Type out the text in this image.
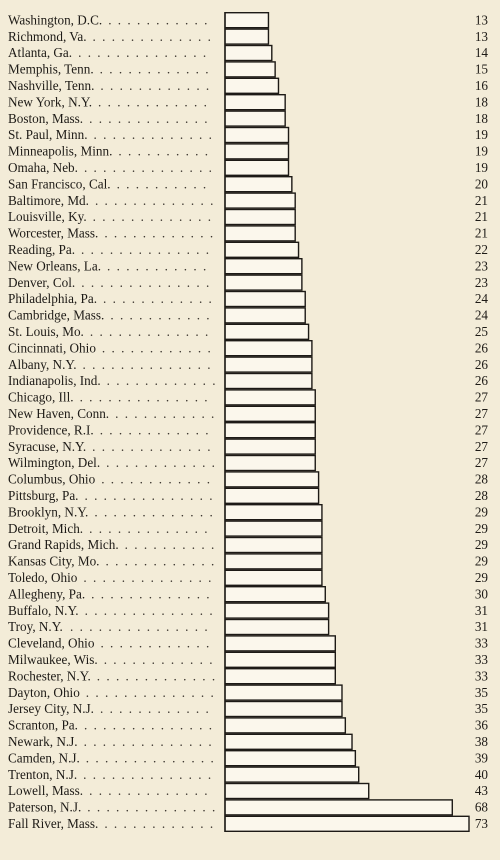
Washington, D.C. . . . . . . . . . . .
Richmond, Va. . . . . . . . . . . . . .
Atlanta, Ga. . . . . . . . . . . . . . .
Memphis, Tenn. . . . . . . . . . . . .
Nashville, Tenn. . . . . . . . . . . . .
New York, N.Y. . . . . . . . . . . . .
Boston, Mass. . . . . . . . . . . . . .
St. Paul, Minn. . . . . . . . . . . . . .
Minneapolis, Minn. . . . . . . . . . .
Omaha, Neb. . . . . . . . . . . . . . .
San Francisco, Cal. . . . . . . . . . .
Baltimore, Md. . . . . . . . . . . . . .
Louisville, Ky. . . . . . . . . . . . . .
Worcester, Mass. . . . . . . . . . . . .
Reading, Pa. . . . . . . . . . . . . . .
New Orleans, La. . . . . . . . . . . .
Denver, Col. . . . . . . . . . . . . . .
Philadelphia, Pa. . . . . . . . . . . . .
Cambridge, Mass. . . . . . . . . . . .
St. Louis, Mo. . . . . . . . . . . . . .
Cincinnati, Ohio . . . . . . . . . . . .
Albany, N.Y. . . . . . . . . . . . . . .
Indianapolis, Ind. . . . . . . . . . . . .
Chicago, Ill. . . . . . . . . . . . . . .
New Haven, Conn. . . . . . . . . . . .
Providence, R.I. . . . . . . . . . . . .
Syracuse, N.Y. . . . . . . . . . . . . .
Wilmington, Del. . . . . . . . . . . . .
Columbus, Ohio . . . . . . . . . . . .
Pittsburg, Pa. . . . . . . . . . . . . . .
Brooklyn, N.Y. . . . . . . . . . . . . .
Detroit, Mich. . . . . . . . . . . . . .
Grand Rapids, Mich. . . . . . . . . . .
Kansas City, Mo. . . . . . . . . . . . .
Toledo, Ohio . . . . . . . . . . . . . .
Allegheny, Pa. . . . . . . . . . . . . .
Buffalo, N.Y. . . . . . . . . . . . . . .
Troy, N.Y. . . . . . . . . . . . . . . .
Cleveland, Ohio . . . . . . . . . . . .
Milwaukee, Wis. . . . . . . . . . . . .
Rochester, N.Y. . . . . . . . . . . . . .
Dayton, Ohio . . . . . . . . . . . . . .
Jersey City, N.J. . . . . . . . . . . . .
Scranton, Pa. . . . . . . . . . . . . . .
Newark, N.J. . . . . . . . . . . . . . .
Camden, N.J. . . . . . . . . . . . . . .
Trenton, N.J. . . . . . . . . . . . . . .
Lowell, Mass. . . . . . . . . . . . . .
Paterson, N.J. . . . . . . . . . . . . . .
Fall River, Mass. . . . . . . . . . . . .
13
13
14
15
16
18
18
19
19
19
20
21
21
21
22
23
23
24
24
25
26
26
26
27
27
27
27
27
28
28
29
29
29
29
29
30
31
31
33
33
33
35
35
36
38
39
40
43
68
73
